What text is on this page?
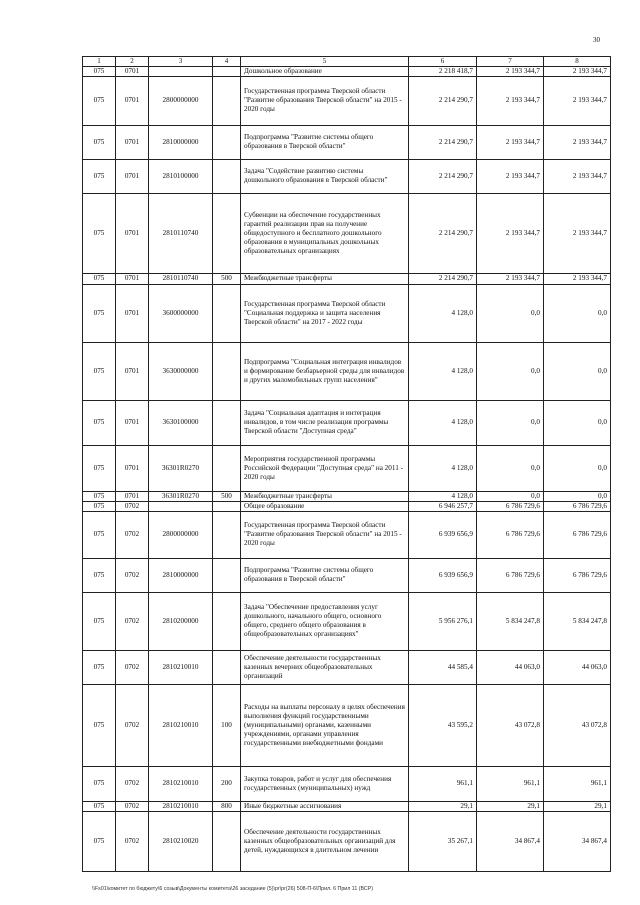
30
1	2	3	4	5	6	7	8
075	0701			Дошкольное образование	2 218 418,7	2 193 344,7	2 193 344,7
075	0701	2800000000		Государственная программа Тверской области "Развитие образования Тверской области" на 2015 - 2020 годы	2 214 290,7	2 193 344,7	2 193 344,7
075	0701	2810000000		Подпрограмма "Развитие системы общего образования в Тверской области"	2 214 290,7	2 193 344,7	2 193 344,7
075	0701	2810100000		Задача "Содействие развитию системы дошкольного образования в Тверской области"	2 214 290,7	2 193 344,7	2 193 344,7
075	0701	2810110740		Субвенции на обеспечение государственных гарантий реализации прав на получение общедоступного и бесплатного дошкольного образования в муниципальных дошкольных образовательных организациях	2 214 290,7	2 193 344,7	2 193 344,7
075	0701	2810110740	500	Межбюджетные трансферты	2 214 290,7	2 193 344,7	2 193 344,7
075	0701	3600000000		Государственная программа Тверской области "Социальная поддержка и защита населения Тверской области" на 2017 - 2022 годы	4 128,0	0,0	0,0
075	0701	3630000000		Подпрограмма "Социальная интеграция инвалидов и формирование безбарьерной среды для инвалидов и других маломобильных групп населения"	4 128,0	0,0	0,0
075	0701	3630100000		Задача "Социальная адаптация и интеграция инвалидов, в том числе реализация программы Тверской области "Доступная среда"	4 128,0	0,0	0,0
075	0701	36301R0270		Мероприятия государственной программы Российской Федерации "Доступная среда" на 2011 - 2020 годы	4 128,0	0,0	0,0
075	0701	36301R0270	500	Межбюджетные трансферты	4 128,0	0,0	0,0
075	0702			Общее образование	6 946 257,7	6 786 729,6	6 786 729,6
075	0702	2800000000		Государственная программа Тверской области "Развитие образования Тверской области" на 2015 - 2020 годы	6 939 656,9	6 786 729,6	6 786 729,6
075	0702	2810000000		Подпрограмма "Развитие системы общего образования в Тверской области"	6 939 656,9	6 786 729,6	6 786 729,6
075	0702	2810200000		Задача "Обеспечение предоставления услуг дошкольного, начального общего, основного общего, среднего общего образования в общеобразовательных организациях"	5 956 276,1	5 834 247,8	5 834 247,8
075	0702	2810210010		Обеспечение деятельности государственных казенных вечерних общеобразовательных организаций	44 585,4	44 063,0	44 063,0
075	0702	2810210010	100	Расходы на выплаты персоналу в целях обеспечения выполнения функций государственными (муниципальными) органами, казенными учреждениями, органами управления государственными внебюджетными фондами	43 595,2	43 072,8	43 072,8
075	0702	2810210010	200	Закупка товаров, работ и услуг для обеспечения государственных (муниципальных) нужд	961,1	961,1	961,1
075	0702	2810210010	800	Иные бюджетные ассигнования	29,1	29,1	29,1
075	0702	2810210020		Обеспечение деятельности государственных казенных общеобразовательных организаций для детей, нуждающихся в длительном лечении	35 267,1	34 867,4	34 867,4
\\Fs01\комитет по бюджету\6 созыв\Документы комитета\26 заседание (5)\pr\pr(26) 508-П-6\Прил. 6 Прил 11 (ВСР)
